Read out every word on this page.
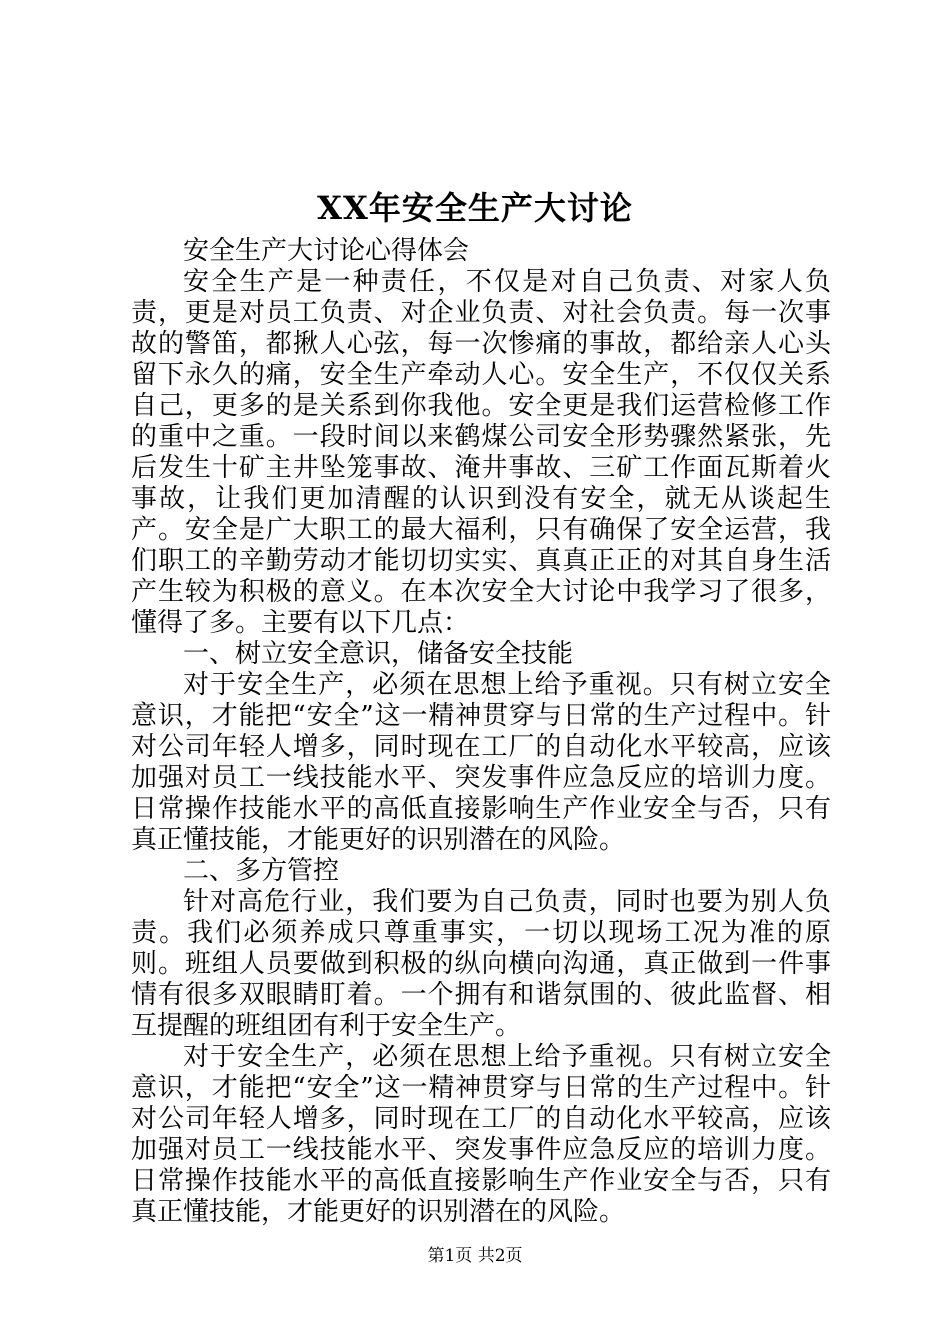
XX年安全生产大讨论

安全生产大讨论心得体会

安全生产是一种责任，不仅是对自己负责、对家人负责，更是对员工负责、对企业负责、对社会负责。每一次事故的警笛，都揪人心弦，每一次惨痛的事故，都给亲人心头留下永久的痛，安全生产牵动人心。安全生产，不仅仅关系自己，更多的是关系到你我他。安全更是我们运营检修工作的重中之重。一段时间以来鹤煤公司安全形势骤然紧张，先后发生十矿主井坠笼事故、淹井事故、三矿工作面瓦斯着火事故，让我们更加清醒的认识到没有安全，就无从谈起生产。安全是广大职工的最大福利，只有确保了安全运营，我们职工的辛勤劳动才能切切实实、真真正正的对其自身生活产生较为积极的意义。在本次安全大讨论中我学习了很多，懂得了多。主要有以下几点：

一、树立安全意识，储备安全技能

对于安全生产，必须在思想上给予重视。只有树立安全意识，才能把“安全”这一精神贯穿与日常的生产过程中。针对公司年轻人增多，同时现在工厂的自动化水平较高，应该加强对员工一线技能水平、突发事件应急反应的培训力度。日常操作技能水平的高低直接影响生产作业安全与否，只有真正懂技能，才能更好的识别潜在的风险。

二、多方管控

针对高危行业，我们要为自己负责，同时也要为别人负责。我们必须养成只尊重事实，一切以现场工况为准的原则。班组人员要做到积极的纵向横向沟通，真正做到一件事情有很多双眼睛盯着。一个拥有和谐氛围的、彼此监督、相互提醒的班组团有利于安全生产。

对于安全生产，必须在思想上给予重视。只有树立安全意识，才能把“安全”这一精神贯穿与日常的生产过程中。针对公司年轻人增多，同时现在工厂的自动化水平较高，应该加强对员工一线技能水平、突发事件应急反应的培训力度。日常操作技能水平的高低直接影响生产作业安全与否，只有真正懂技能，才能更好的识别潜在的风险。

第1页 共2页
